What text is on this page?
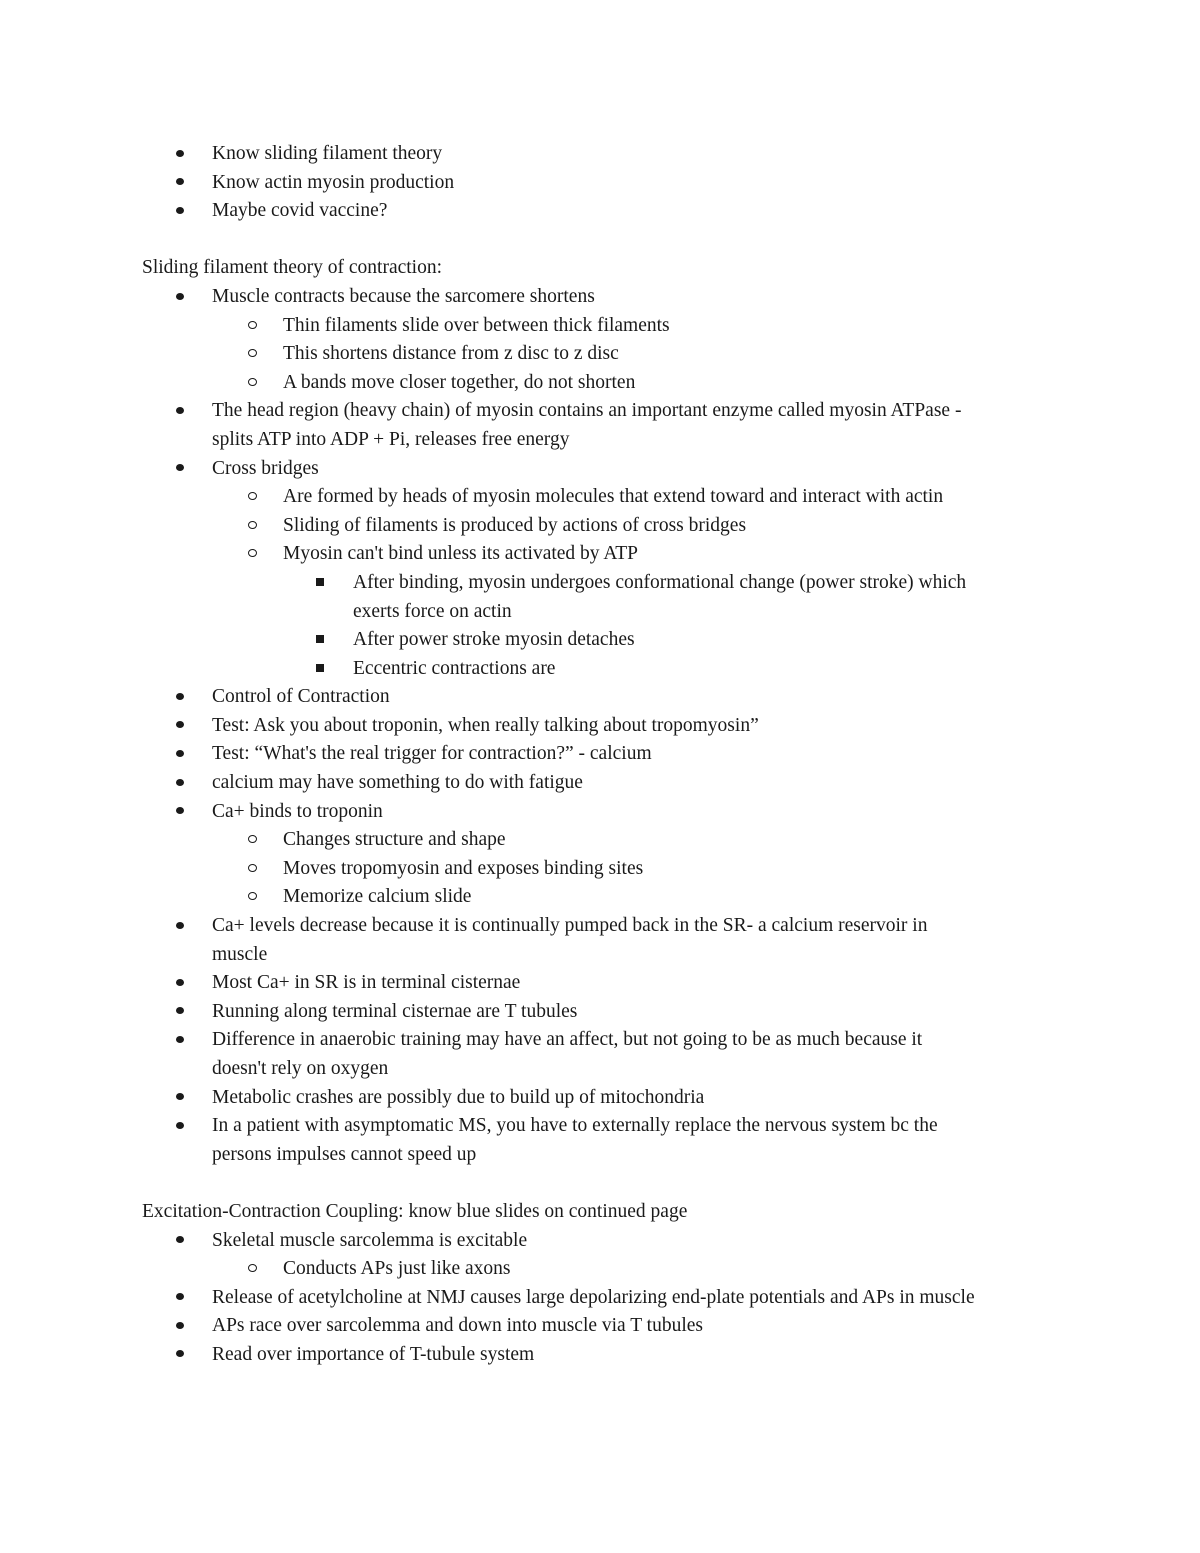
Know sliding filament theory
Know actin myosin production
Maybe covid vaccine?
Sliding filament theory of contraction:
Muscle contracts because the sarcomere shortens
Thin filaments slide over between thick filaments
This shortens distance from z disc to z disc
A bands move closer together, do not shorten
The head region (heavy chain) of myosin contains an important enzyme called myosin ATPase -
splits ATP into ADP + Pi, releases free energy
Cross bridges
Are formed by heads of myosin molecules that extend toward and interact with actin
Sliding of filaments is produced by actions of cross bridges
Myosin can't bind unless its activated by ATP
After binding, myosin undergoes conformational change (power stroke) which
exerts force on actin
After power stroke myosin detaches
Eccentric contractions are
Control of Contraction
Test: Ask you about troponin, when really talking about tropomyosin”
Test: “What's the real trigger for contraction?” - calcium
calcium may have something to do with fatigue
Ca+ binds to troponin
Changes structure and shape
Moves tropomyosin and exposes binding sites
Memorize calcium slide
Ca+ levels decrease because it is continually pumped back in the SR- a calcium reservoir in
muscle
Most Ca+ in SR is in terminal cisternae
Running along terminal cisternae are T tubules
Difference in anaerobic training may have an affect, but not going to be as much because it
doesn't rely on oxygen
Metabolic crashes are possibly due to build up of mitochondria
In a patient with asymptomatic MS, you have to externally replace the nervous system bc the
persons impulses cannot speed up
Excitation-Contraction Coupling: know blue slides on continued page
Skeletal muscle sarcolemma is excitable
Conducts APs just like axons
Release of acetylcholine at NMJ causes large depolarizing end-plate potentials and APs in muscle
APs race over sarcolemma and down into muscle via T tubules
Read over importance of T-tubule system
